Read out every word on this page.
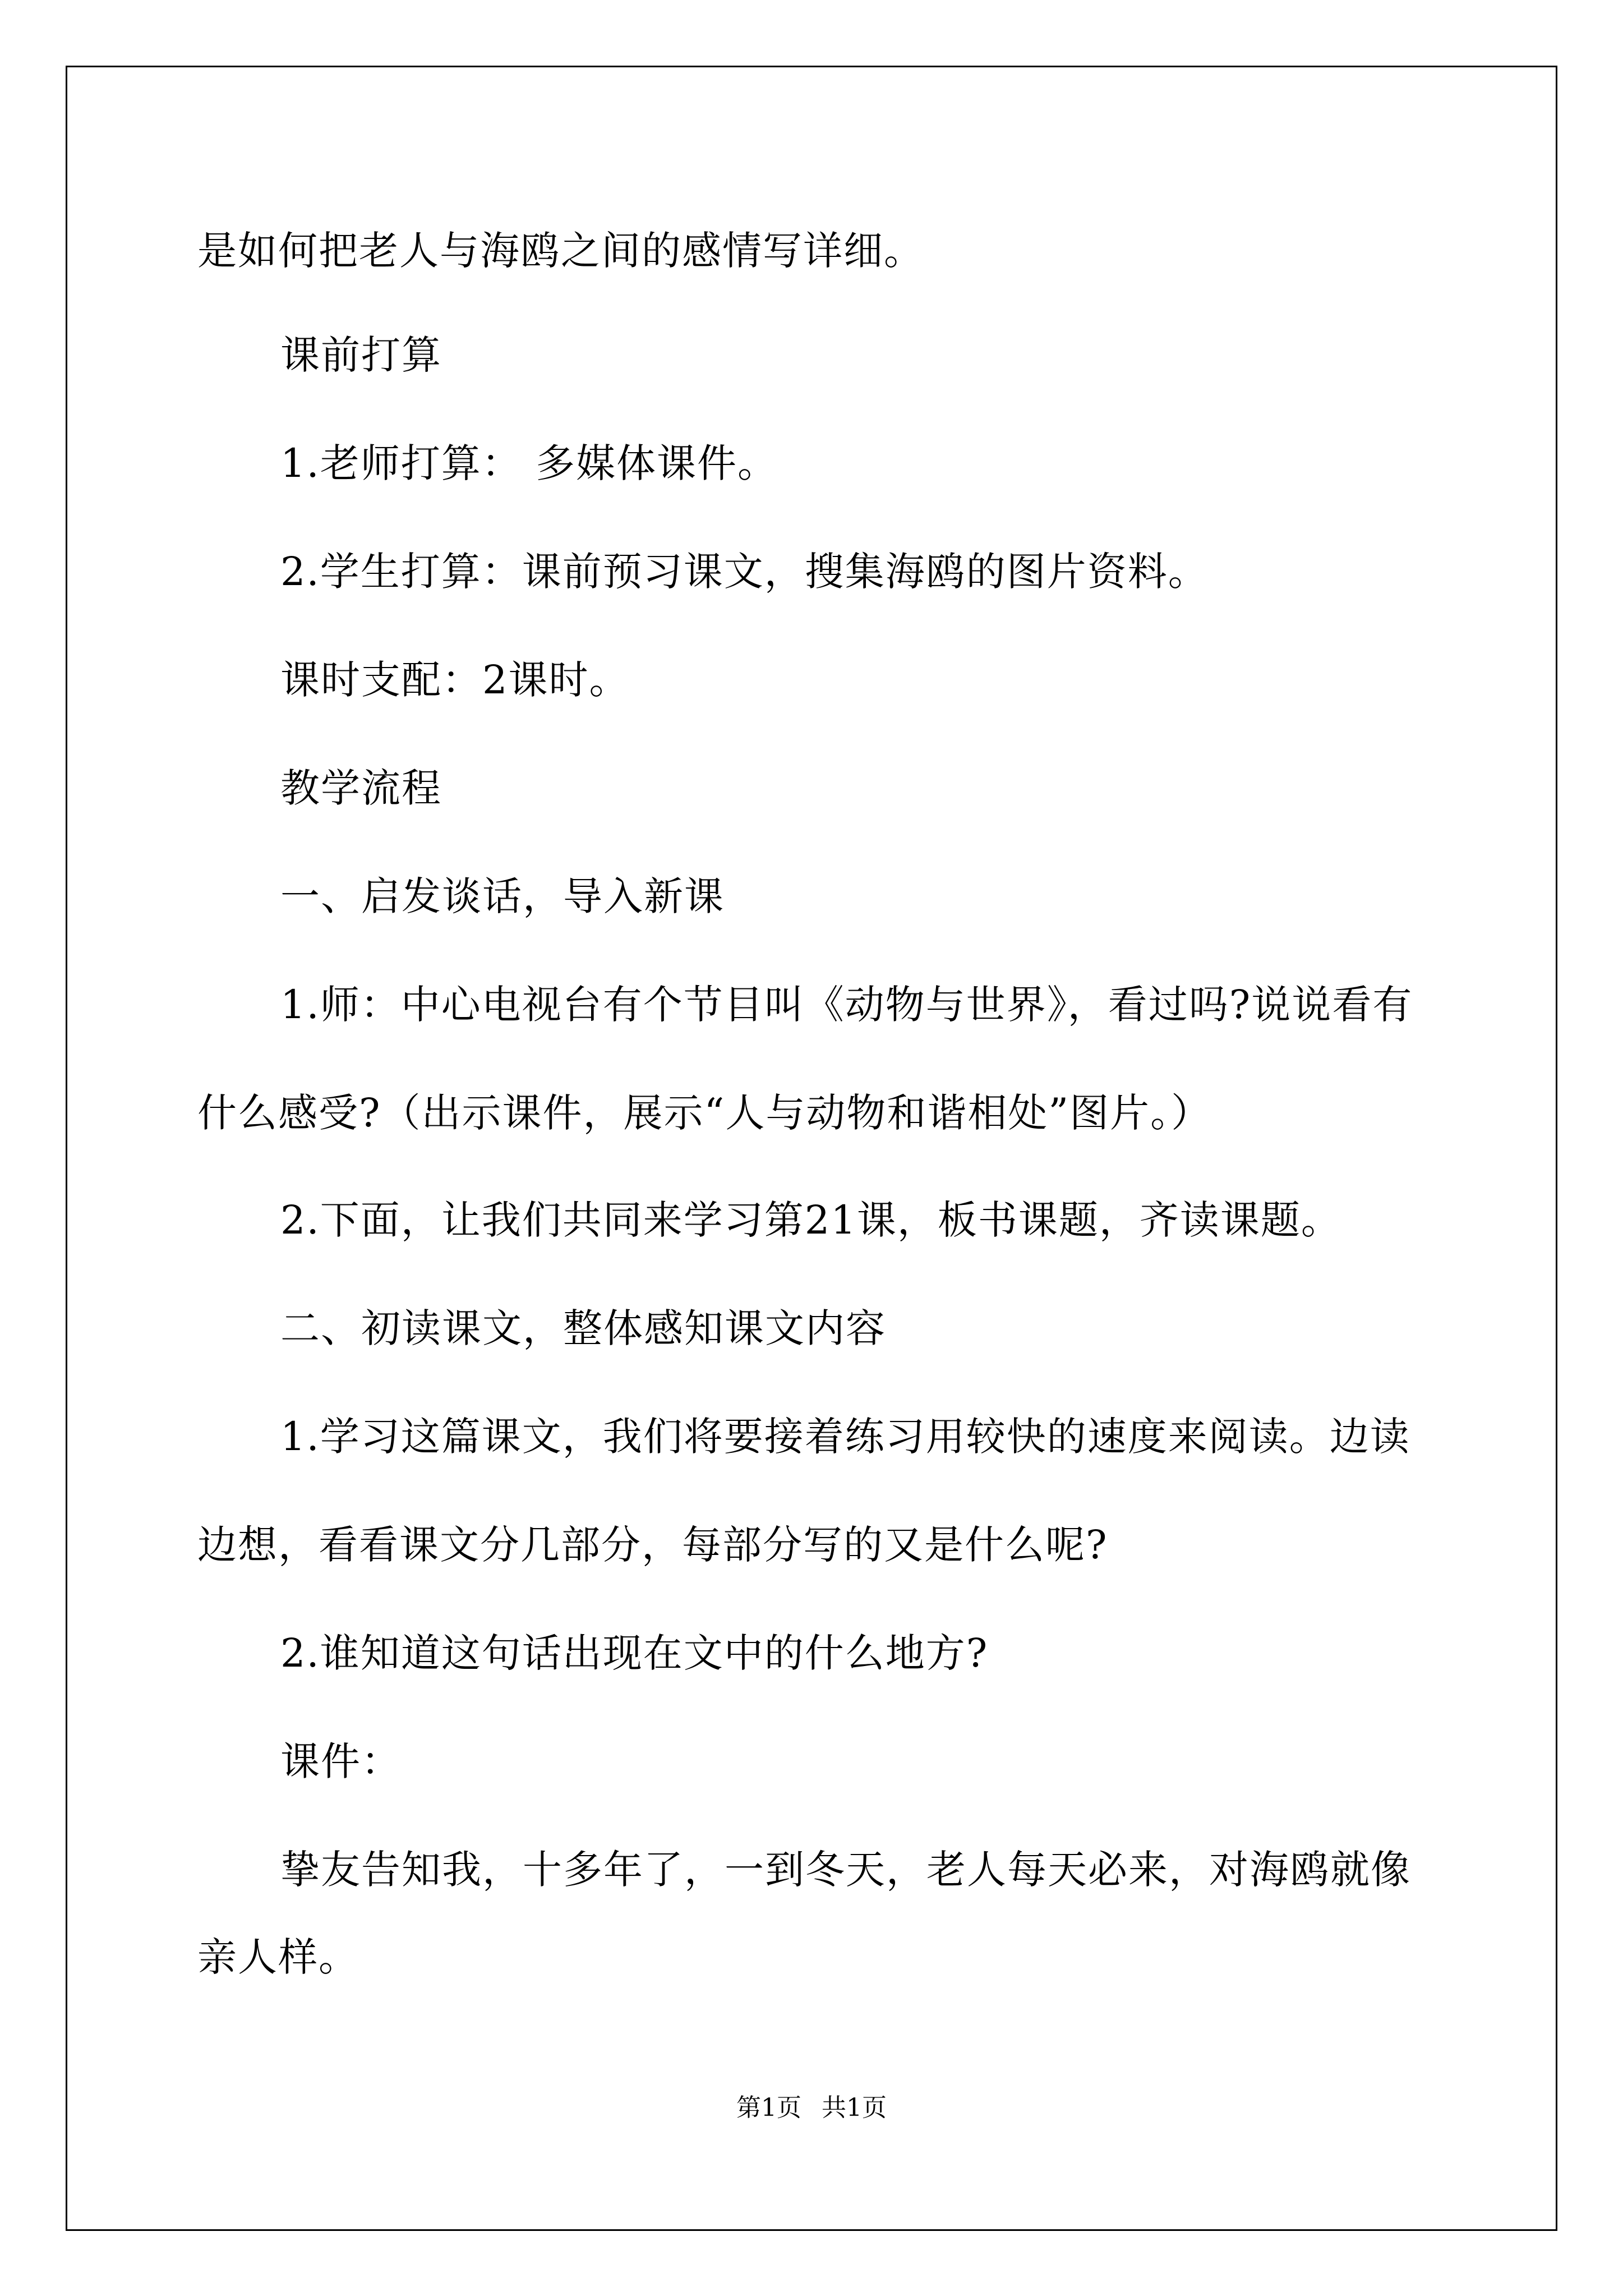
是如何把老人与海鸥之间的感情写详细。
课前打算
1.老师打算： 多媒体课件。
2.学生打算：课前预习课文，搜集海鸥的图片资料。
课时支配：2课时。
教学流程
一、启发谈话，导入新课
1.师：中心电视台有个节目叫《动物与世界》，看过吗?说说看有
什么感受?（出示课件，展示“人与动物和谐相处”图片。）
2.下面，让我们共同来学习第21课，板书课题，齐读课题。
二、初读课文，整体感知课文内容
1.学习这篇课文，我们将要接着练习用较快的速度来阅读。边读
边想，看看课文分几部分，每部分写的又是什么呢?
2.谁知道这句话出现在文中的什么地方?
课件：
挚友告知我，十多年了，一到冬天，老人每天必来，对海鸥就像
亲人样。
第1页 共1页
